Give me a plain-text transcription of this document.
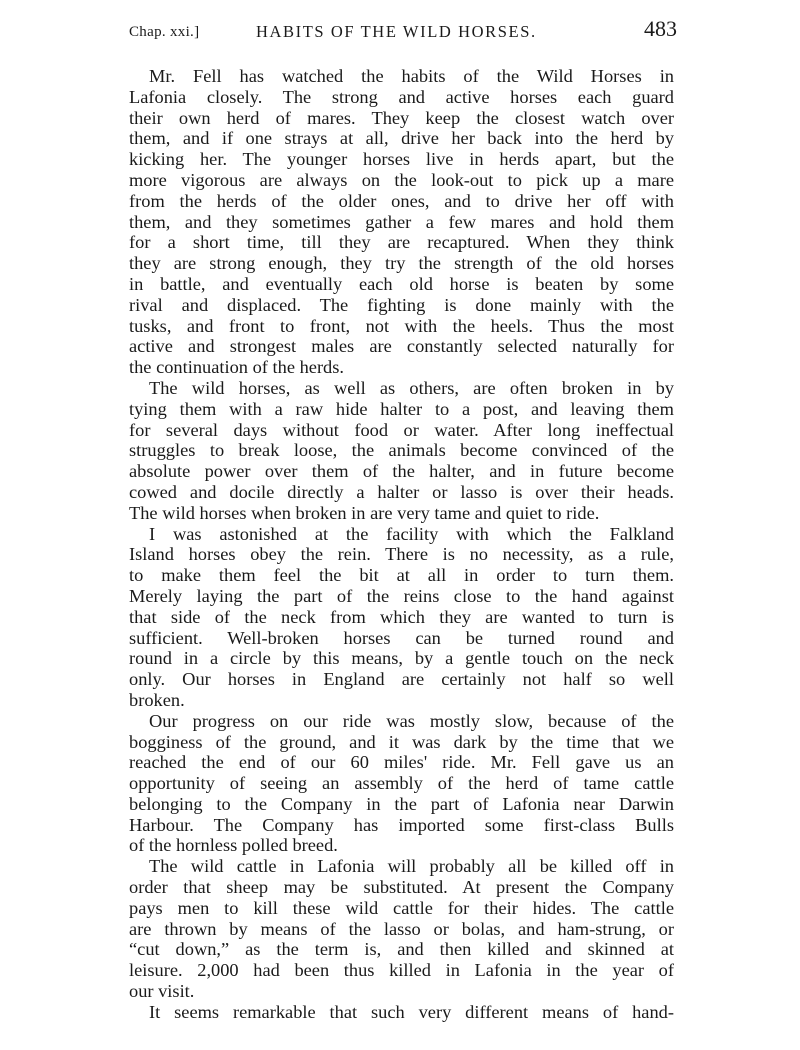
Chap. xxi.]	HABITS OF THE WILD HORSES.	483
Mr. Fell has watched the habits of the Wild Horses in
Lafonia closely. The strong and active horses each guard
their own herd of mares. They keep the closest watch over
them, and if one strays at all, drive her back into the herd by
kicking her. The younger horses live in herds apart, but the
more vigorous are always on the look-out to pick up a mare
from the herds of the older ones, and to drive her off with
them, and they sometimes gather a few mares and hold them
for a short time, till they are recaptured. When they think
they are strong enough, they try the strength of the old horses
in battle, and eventually each old horse is beaten by some
rival and displaced. The fighting is done mainly with the
tusks, and front to front, not with the heels. Thus the most
active and strongest males are constantly selected naturally for
the continuation of the herds.
The wild horses, as well as others, are often broken in by
tying them with a raw hide halter to a post, and leaving them
for several days without food or water. After long ineffectual
struggles to break loose, the animals become convinced of the
absolute power over them of the halter, and in future become
cowed and docile directly a halter or lasso is over their heads.
The wild horses when broken in are very tame and quiet to ride.
I was astonished at the facility with which the Falkland
Island horses obey the rein. There is no necessity, as a rule,
to make them feel the bit at all in order to turn them.
Merely laying the part of the reins close to the hand against
that side of the neck from which they are wanted to turn is
sufficient. Well-broken horses can be turned round and
round in a circle by this means, by a gentle touch on the neck
only. Our horses in England are certainly not half so well
broken.
Our progress on our ride was mostly slow, because of the
bogginess of the ground, and it was dark by the time that we
reached the end of our 60 miles' ride. Mr. Fell gave us an
opportunity of seeing an assembly of the herd of tame cattle
belonging to the Company in the part of Lafonia near Darwin
Harbour. The Company has imported some first-class Bulls
of the hornless polled breed.
The wild cattle in Lafonia will probably all be killed off in
order that sheep may be substituted. At present the Company
pays men to kill these wild cattle for their hides. The cattle
are thrown by means of the lasso or bolas, and ham-strung, or
“cut down,” as the term is, and then killed and skinned at
leisure. 2,000 had been thus killed in Lafonia in the year of
our visit.
It seems remarkable that such very different means of hand-
